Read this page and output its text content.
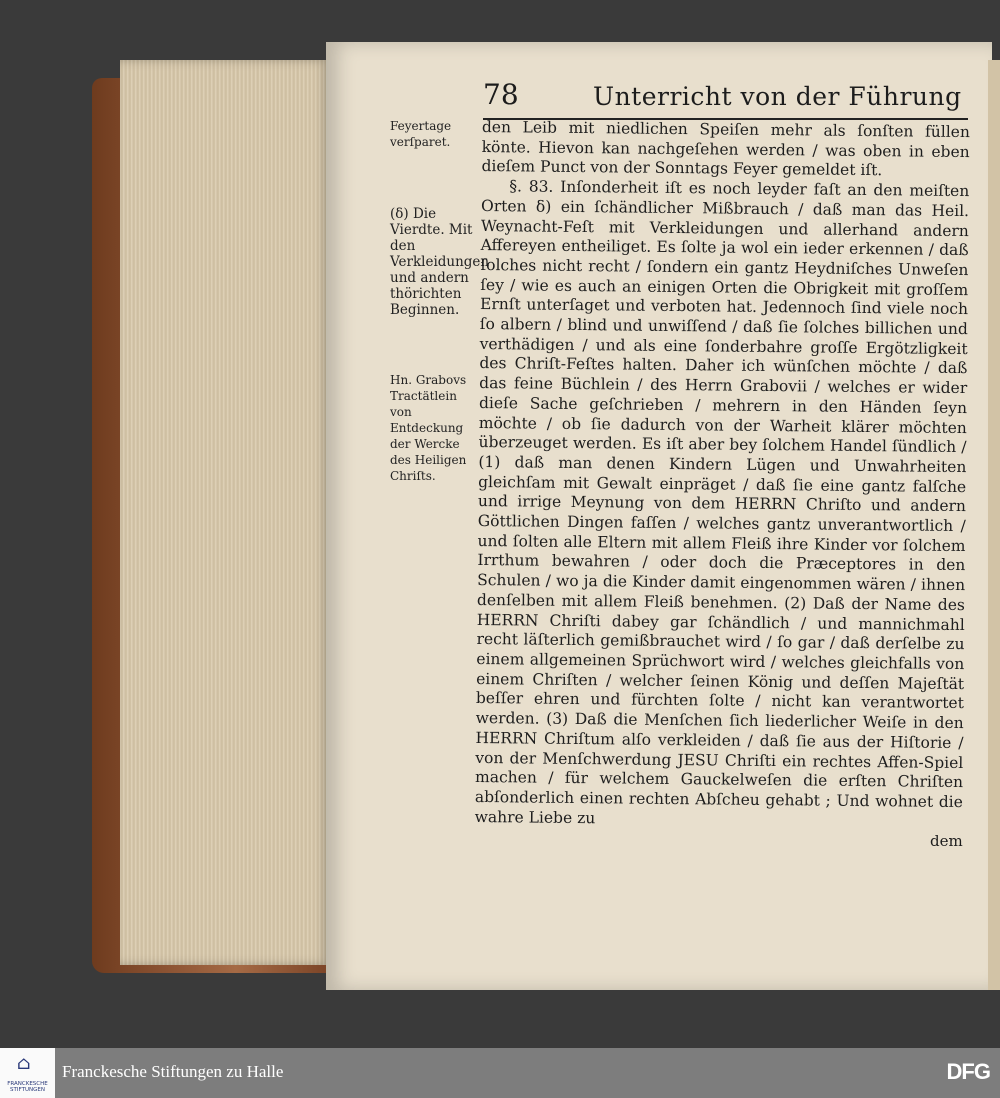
78	Unterricht von der Führung
Feyertage verſparet.
(δ) Die Vierdte. Mit den Verkleidungen und andern thörichten Beginnen.
Hn. Grabovs Tractätlein von Entdeckung der Wercke des Heiligen Chriſts.

den Leib mit niedlichen Speiſen mehr als ſonſten füllen könte. Hievon kan nachgeſehen werden / was oben in eben dieſem Punct von der Sonntags Feyer gemeldet iſt.

§. 83. Inſonderheit iſt es noch leyder faſt an den meiſten Orten δ) ein ſchändlicher Mißbrauch / daß man das Heil. Weynacht-Feſt mit Verkleidungen und allerhand andern Affereyen entheiliget. Es ſolte ja wol ein ieder erkennen / daß ſolches nicht recht / ſondern ein gantz Heydniſches Unweſen ſey / wie es auch an einigen Orten die Obrigkeit mit groſſem Ernſt unterſaget und verboten hat. Jedennoch ſind viele noch ſo albern / blind und unwiſſend / daß ſie ſolches billichen und verthädigen / und als eine ſonderbahre groſſe Ergötzligkeit des Chriſt-Feſtes halten. Daher ich wünſchen möchte / daß das feine Büchlein / des Herrn Grabovii / welches er wider dieſe Sache geſchrieben / mehrern in den Händen ſeyn möchte / ob ſie dadurch von der Warheit klärer möchten überzeuget werden. Es iſt aber bey ſolchem Handel ſündlich / (1) daß man denen Kindern Lügen und Unwahrheiten gleichſam mit Gewalt einpräget / daß ſie eine gantz falſche und irrige Meynung von dem HERRN Chriſto und andern Göttlichen Dingen faſſen / welches gantz unverantwortlich / und ſolten alle Eltern mit allem Fleiß ihre Kinder vor ſolchem Irrthum bewahren / oder doch die Præceptores in den Schulen / wo ja die Kinder damit eingenommen wären / ihnen denſelben mit allem Fleiß benehmen. (2) Daß der Name des HERRN Chriſti dabey gar ſchändlich / und mannichmahl recht läſterlich gemißbrauchet wird / ſo gar / daß derſelbe zu einem allgemeinen Sprüchwort wird / welches gleichfalls von einem Chriſten / welcher ſeinen König und deſſen Majeſtät beſſer ehren und fürchten ſolte / nicht kan verantwortet werden. (3) Daß die Menſchen ſich liederlicher Weiſe in den HERRN Chriſtum alſo verkleiden / daß ſie aus der Hiſtorie / von der Menſchwerdung JESU Chriſti ein rechtes Affen-Spiel machen / für welchem Gauckelweſen die erſten Chriſten abſonderlich einen rechten Abſcheu gehabt ; Und wohnet die wahre Liebe zu

dem
⌂
FRANCKESCHE STIFTUNGEN
Franckesche Stiftungen zu Halle	DFG
